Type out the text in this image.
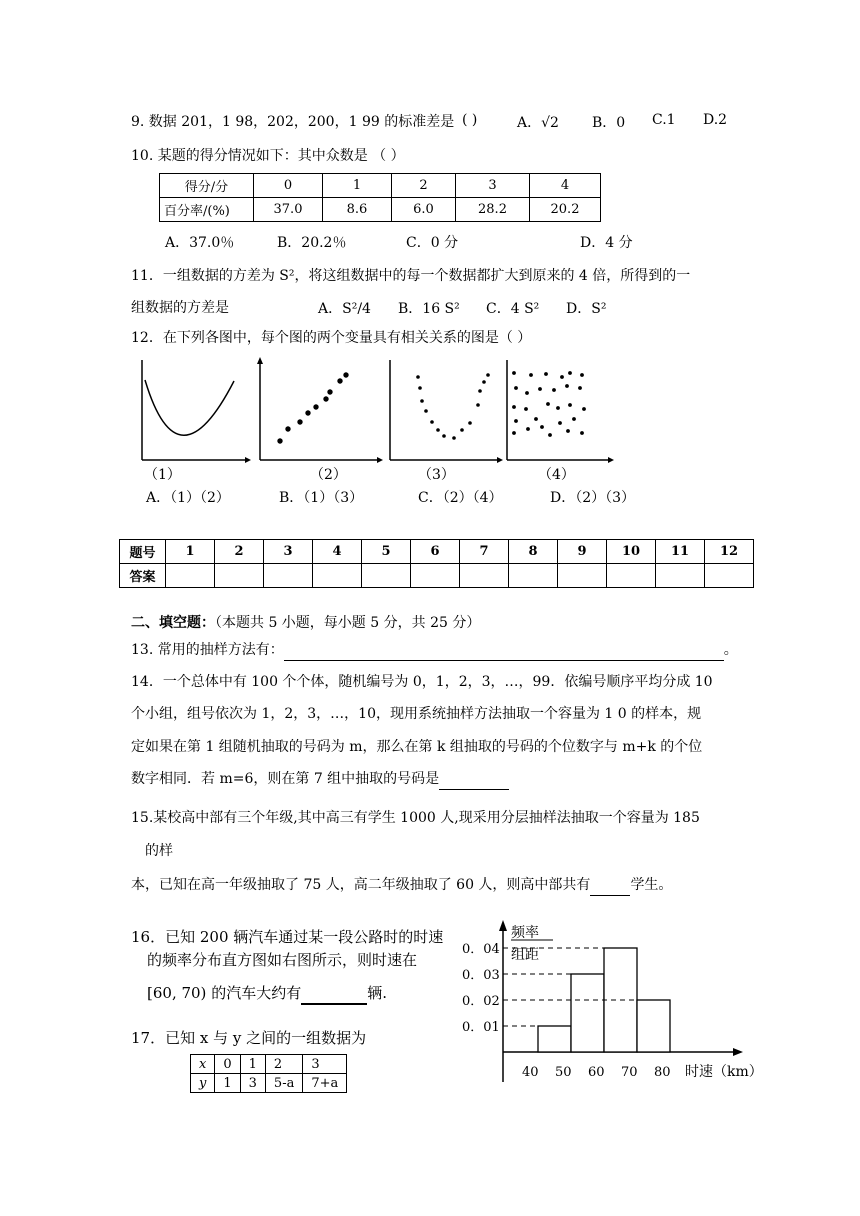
9. 数据 201，1 98，202，200，1 99 的标准差是 ( )	A．√2 B．0 C.1 D.2
10. 某题的得分情况如下：其中众数是 （ ）
得分/分	0	1	2	3	4
百分率/(%)	37.0	8.6	6.0	28.2	20.2
A．37.0％	B．20.2％	C．0 分	D．4 分
11．一组数据的方差为 S²，将这组数据中的每一个数据都扩大到原来的 4 倍，所得到的一
组数据的方差是	A．S²/4 B．16 S² C．4 S² D．S²
12．在下列各图中，每个图的两个变量具有相关关系的图是（ ）
（1）	（2）	（3）	（4）
A．（1）（2）	B．（1）（3）	C．（2）（4）	D．（2）（3）
题号	1	2	3	4	5	6	7	8	9	10	11	12
答案												
二、填空题：（本题共 5 小题，每小题 5 分，共 25 分）
13. 常用的抽样方法有：	。
14．一个总体中有 100 个个体，随机编号为 0，1，2，3，…，99．依编号顺序平均分成 10
个小组，组号依次为 1，2，3，…，10，现用系统抽样方法抽取一个容量为 1 0 的样本，规
定如果在第 1 组随机抽取的号码为 m，那么在第 k 组抽取的号码的个位数字与 m+k 的个位
数字相同．若 m=6，则在第 7 组中抽取的号码是
15.某校高中部有三个年级,其中高三有学生 1000 人,现采用分层抽样法抽取一个容量为 185
的样
本，已知在高一年级抽取了 75 人，高二年级抽取了 60 人，则高中部共有	学生。
16．已知 200 辆汽车通过某一段公路时的时速
的频率分布直方图如右图所示，则时速在
[60, 70) 的汽车大约有	辆.
17．已知 x 与 y 之间的一组数据为
x	0	1	2	3
y	1	3	5-a	7+a
频率
组距
时速（km）
0．04
0．03
0．02
0．01
40 50 60 70 80
